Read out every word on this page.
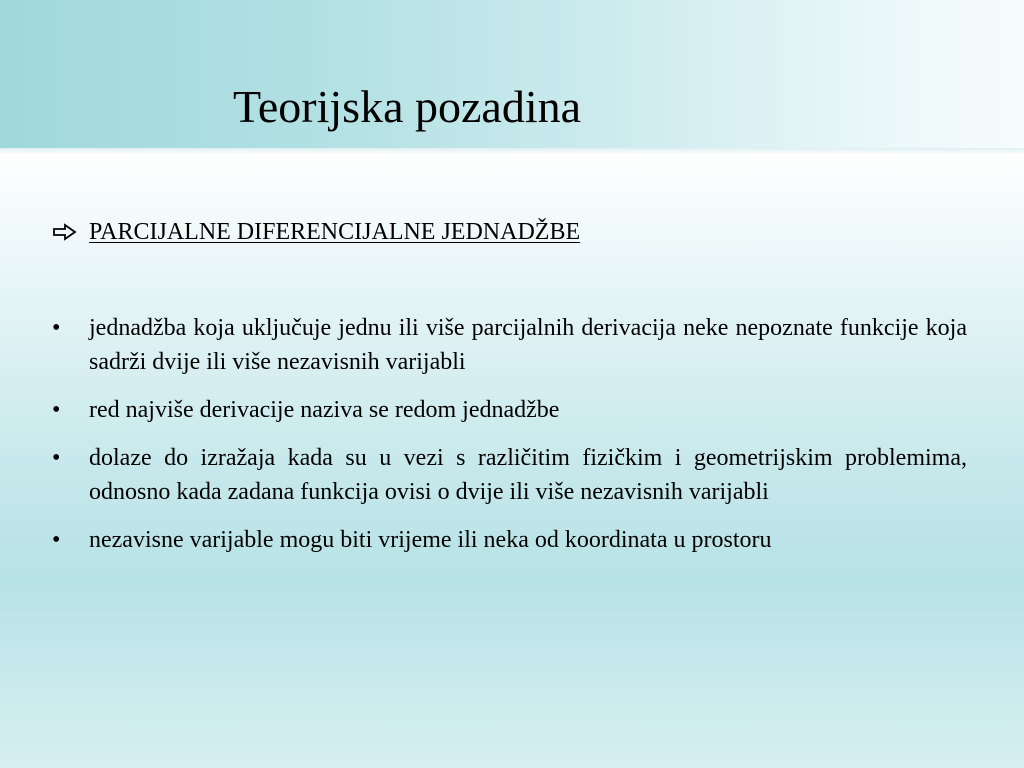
Teorijska pozadina
PARCIJALNE DIFERENCIJALNE JEDNADŽBE
• jednadžba koja uključuje jednu ili više parcijalnih derivacija neke nepoznate funkcije koja sadrži dvije ili više nezavisnih varijabli
• red najviše derivacije naziva se redom jednadžbe
• dolaze do izražaja kada su u vezi s različitim fizičkim i geometrijskim problemima, odnosno kada zadana funkcija ovisi o dvije ili više nezavisnih varijabli
• nezavisne varijable mogu biti vrijeme ili neka od koordinata u prostoru
